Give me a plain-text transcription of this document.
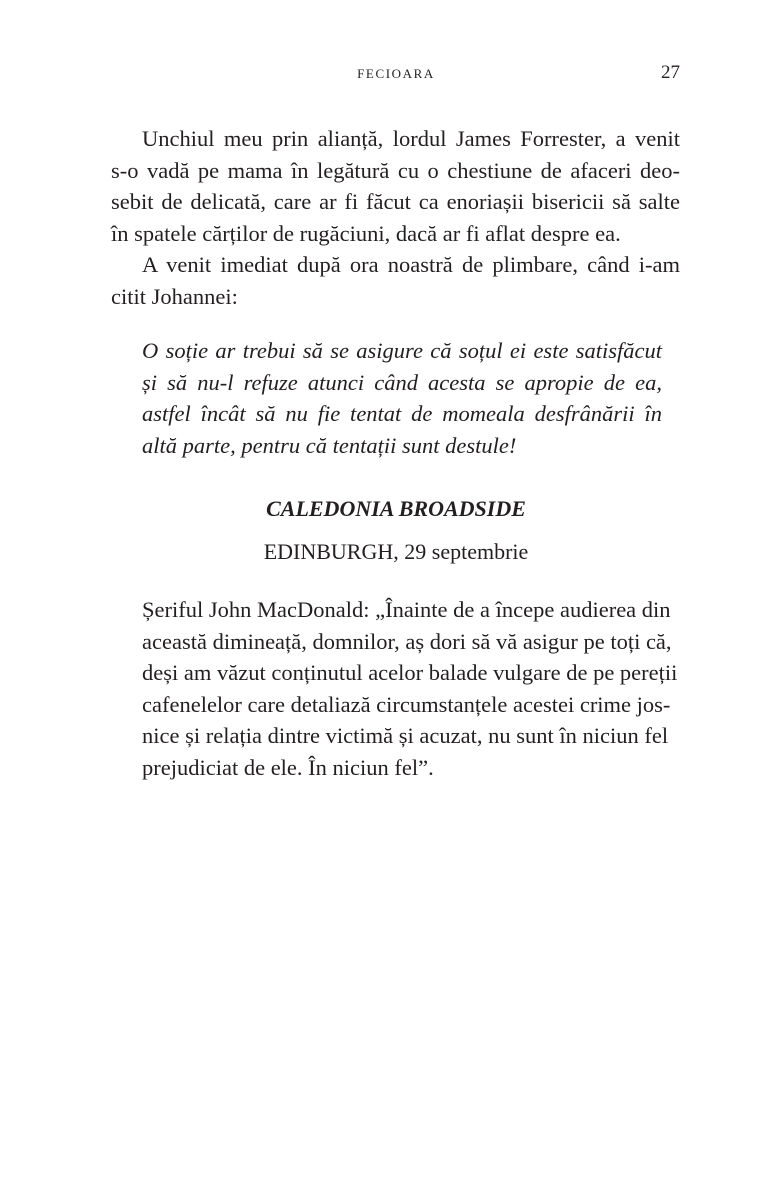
FECIOARA	27
Unchiul meu prin alianță, lordul James Forrester, a venit
s-o vadă pe mama în legătură cu o chestiune de afaceri deo-
sebit de delicată, care ar fi făcut ca enoriașii bisericii să salte
în spatele cărților de rugăciuni, dacă ar fi aflat despre ea.
A venit imediat după ora noastră de plimbare, când i-am
citit Johannei:
O soție ar trebui să se asigure că soțul ei este satisfăcut
și să nu-l refuze atunci când acesta se apropie de ea,
astfel încât să nu fie tentat de momeala desfrânării în
altă parte, pentru că tentații sunt destule!
CALEDONIA BROADSIDE
EDINBURGH, 29 septembrie
Șeriful John MacDonald: „Înainte de a începe audierea din
această dimineață, domnilor, aș dori să vă asigur pe toți că,
deși am văzut conținutul acelor balade vulgare de pe pereții
cafenelelor care detaliază circumstanțele acestei crime jos-
nice și relația dintre victimă și acuzat, nu sunt în niciun fel
prejudiciat de ele. În niciun fel”.
